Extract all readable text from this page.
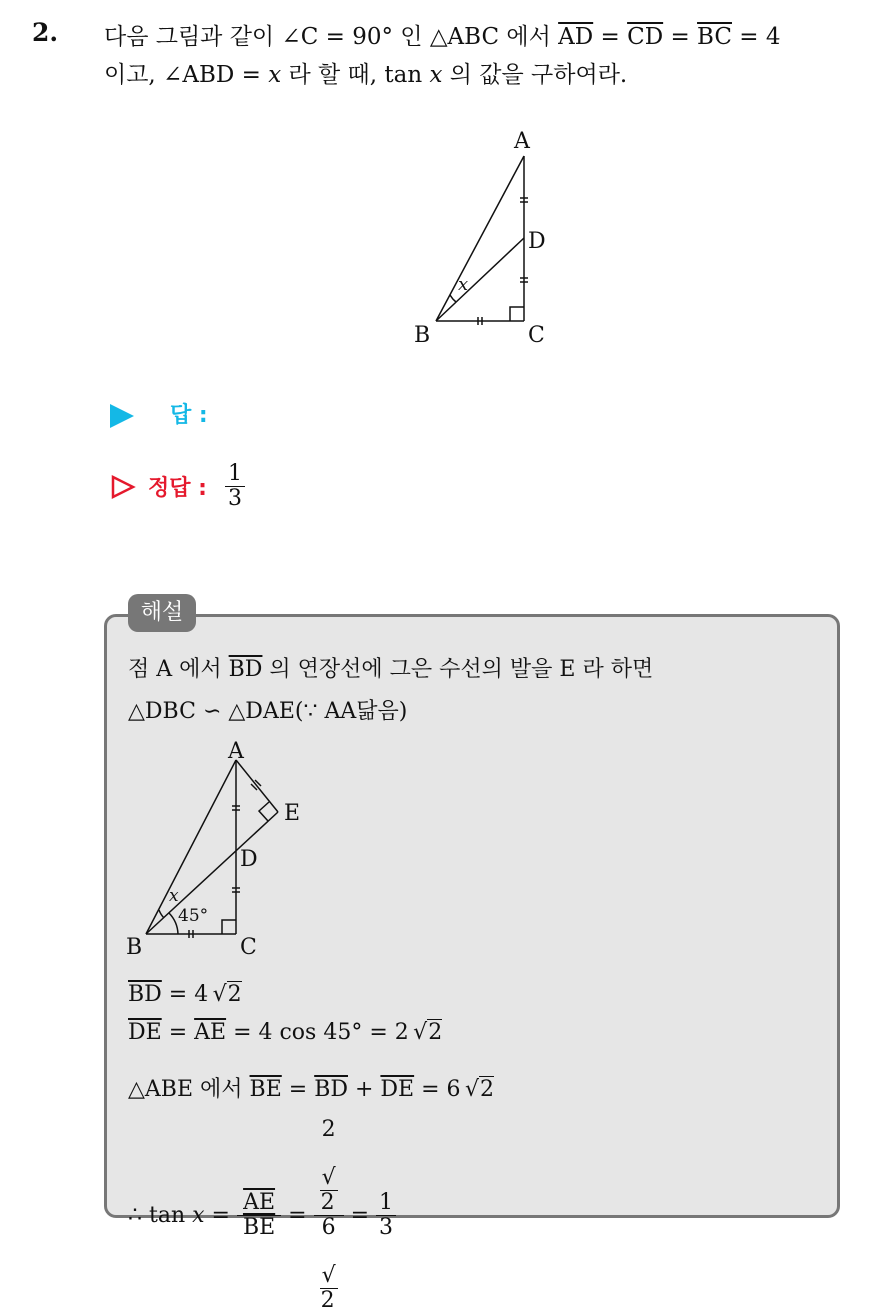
2. 다음 그림과 같이 ∠C = 90° 인 △ABC 에서 $\overline{AD} = \overline{CD} = \overline{BC} = 4$
이고, ∠ABD = x 라 할 때, tan x 의 값을 구하여라.
A
D
B	C
x
답 :
정답 : $\frac{1}{3}$
해설
점 A 에서 $\overline{BD}$ 의 연장선에 그은 수선의 발을 E 라 하면
△DBC ∽ △DAE(∵ AA닮음)
A
E
D
B	C
x
45°
$\overline{BD} = 4$  √2
$\overline{DE} = \overline{AE} = 4$ cos 45° = 2  √2
△ABE 에서 $\overline{BE} = \overline{BD} + \overline{DE} = 6$  √2
∴ $\tan x = \frac{\overline{AE}}{BE} = 2$

√
2
6

√
$2 = \frac{1}{3}$
